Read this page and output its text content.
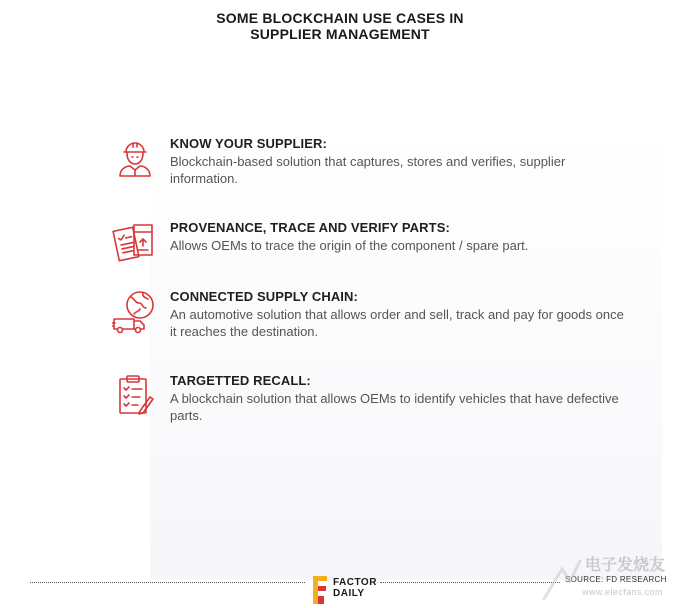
SOME BLOCKCHAIN USE CASES IN
SUPPLIER MANAGEMENT
KNOW YOUR SUPPLIER:
Blockchain-based solution that captures, stores and verifies, supplier information.
PROVENANCE, TRACE AND VERIFY PARTS:
Allows OEMs to trace the origin of the component / spare part.
CONNECTED SUPPLY CHAIN:
An automotive solution that allows order and sell, track and pay for goods once it reaches the destination.
TARGETTED RECALL:
A blockchain solution that allows OEMs to identify vehicles that have defective parts.
FACTOR
DAILY
SOURCE: FD RESEARCH
电子发烧友
www.elecfans.com
